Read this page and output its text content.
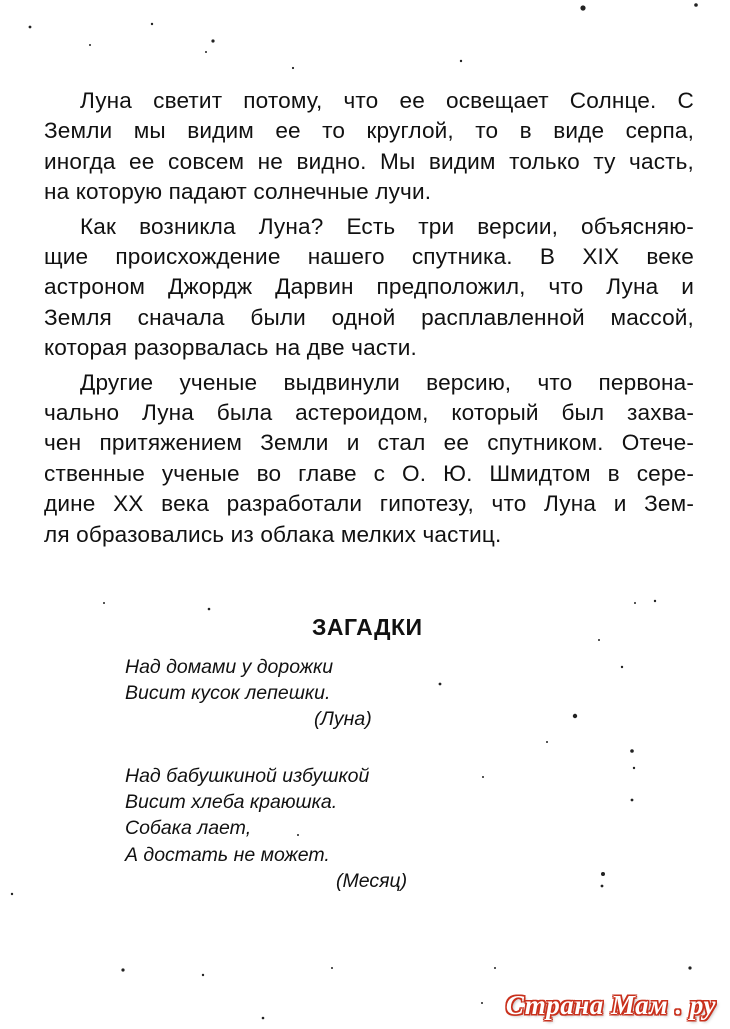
Луна светит потому, что ее освещает Солнце. С
Земли мы видим ее то круглой, то в виде серпа,
иногда ее совсем не видно. Мы видим только ту часть,
на которую падают солнечные лучи.

Как возникла Луна? Есть три версии, объясняю-
щие происхождение нашего спутника. В XIX веке
астроном Джордж Дарвин предположил, что Луна и
Земля сначала были одной расплавленной массой,
которая разорвалась на две части.

Другие ученые выдвинули версию, что первона-
чально Луна была астероидом, который был захва-
чен притяжением Земли и стал ее спутником. Отече-
ственные ученые во главе с О. Ю. Шмидтом в сере-
дине XX века разработали гипотезу, что Луна и Зем-
ля образовались из облака мелких частиц.

ЗАГАДКИ
Над домами у дорожки
Висит кусок лепешки.
(Луна)
Над бабушкиной избушкой
Висит хлеба краюшка.
Собака лает,
А достать не может.
(Месяц)
Страна Мам . ру
